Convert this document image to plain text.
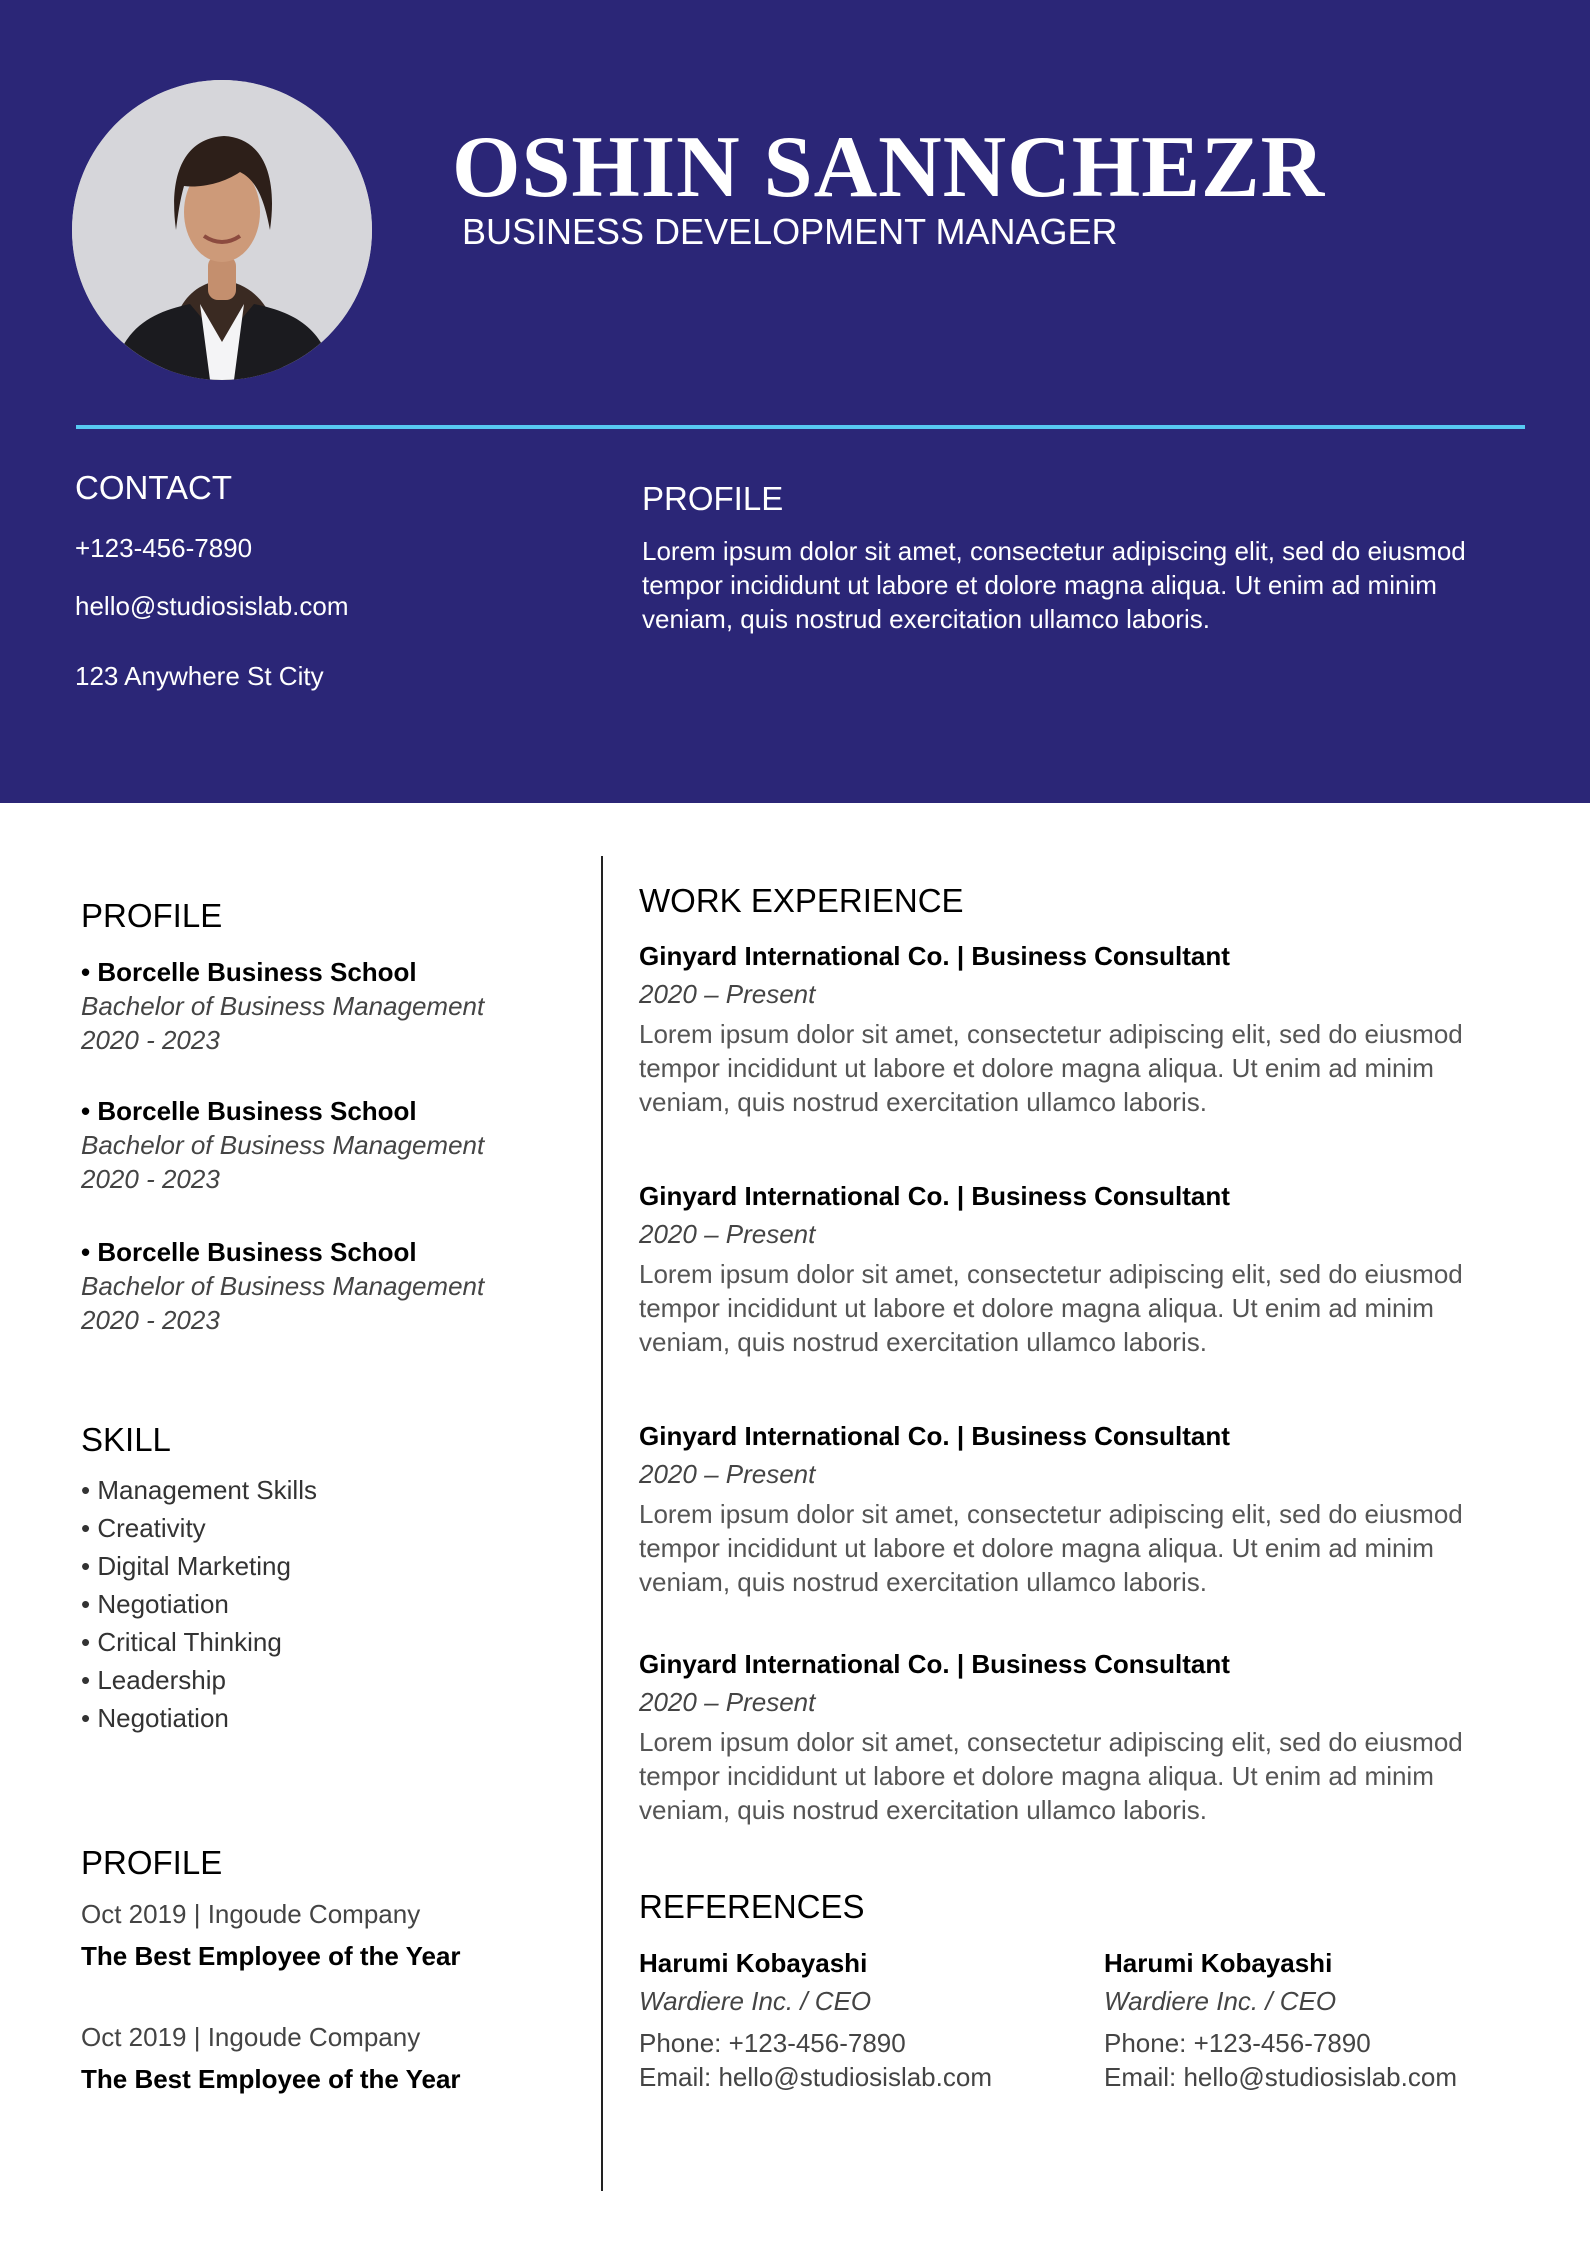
OSHIN SANNCHEZR
BUSINESS DEVELOPMENT MANAGER
CONTACT
+123-456-7890
hello@studiosislab.com
123 Anywhere St City
PROFILE
Lorem ipsum dolor sit amet, consectetur adipiscing elit, sed do eiusmod tempor incididunt ut labore et dolore magna aliqua. Ut enim ad minim veniam, quis nostrud exercitation ullamco laboris.
PROFILE
• Borcelle Business School
Bachelor of Business Management
2020 - 2023
• Borcelle Business School
Bachelor of Business Management
2020 - 2023
• Borcelle Business School
Bachelor of Business Management
2020 - 2023
SKILL
• Management Skills
• Creativity
• Digital Marketing
• Negotiation
• Critical Thinking
• Leadership
• Negotiation
PROFILE
Oct 2019 | Ingoude Company
The Best Employee of the Year
Oct 2019 | Ingoude Company
The Best Employee of the Year
WORK EXPERIENCE
Ginyard International Co. | Business Consultant
2020 – Present
Lorem ipsum dolor sit amet, consectetur adipiscing elit, sed do eiusmod tempor incididunt ut labore et dolore magna aliqua. Ut enim ad minim veniam, quis nostrud exercitation ullamco laboris.
Ginyard International Co. | Business Consultant
2020 – Present
Lorem ipsum dolor sit amet, consectetur adipiscing elit, sed do eiusmod tempor incididunt ut labore et dolore magna aliqua. Ut enim ad minim veniam, quis nostrud exercitation ullamco laboris.
Ginyard International Co. | Business Consultant
2020 – Present
Lorem ipsum dolor sit amet, consectetur adipiscing elit, sed do eiusmod tempor incididunt ut labore et dolore magna aliqua. Ut enim ad minim veniam, quis nostrud exercitation ullamco laboris.
Ginyard International Co. | Business Consultant
2020 – Present
Lorem ipsum dolor sit amet, consectetur adipiscing elit, sed do eiusmod tempor incididunt ut labore et dolore magna aliqua. Ut enim ad minim veniam, quis nostrud exercitation ullamco laboris.
REFERENCES
Harumi Kobayashi
Wardiere Inc. / CEO
Phone: +123-456-7890
Email: hello@studiosislab.com
Harumi Kobayashi
Wardiere Inc. / CEO
Phone: +123-456-7890
Email: hello@studiosislab.com
